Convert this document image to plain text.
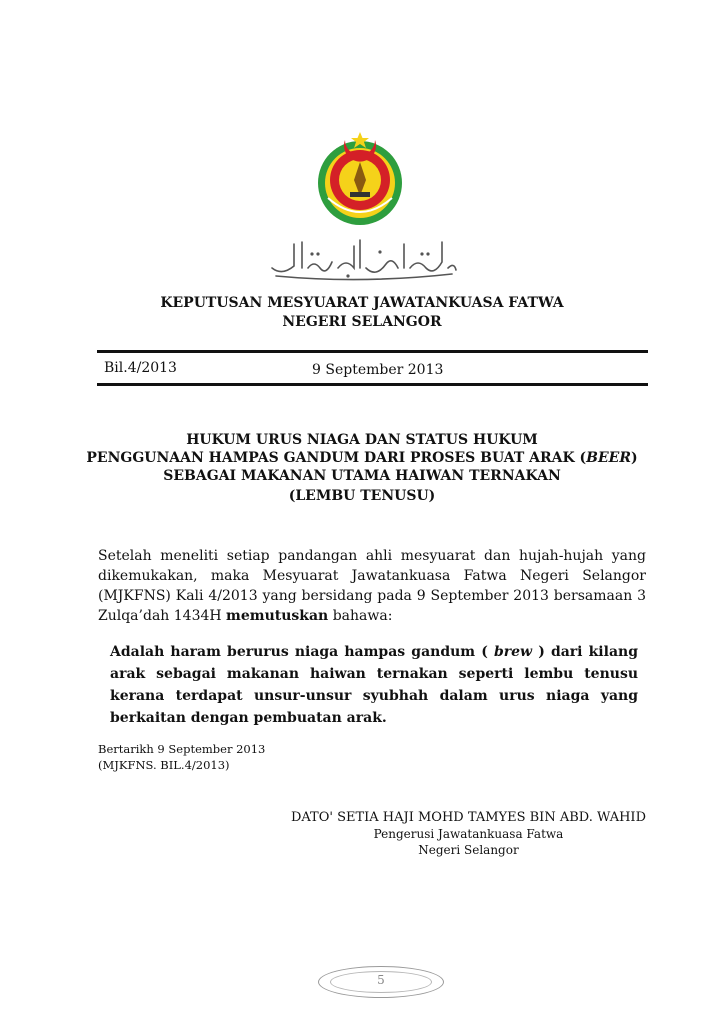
KEPUTUSAN MESYUARAT JAWATANKUASA FATWA
NEGERI SELANGOR
Bil.4/2013	9 September 2013
HUKUM URUS NIAGA DAN STATUS HUKUM
PENGGUNAAN HAMPAS GANDUM DARI PROSES BUAT ARAK (BEER)
SEBAGAI MAKANAN UTAMA HAIWAN TERNAKAN
(LEMBU TENUSU)
Setelah meneliti setiap pandangan ahli mesyuarat dan hujah-hujah yang dikemukakan, maka Mesyuarat Jawatankuasa Fatwa Negeri Selangor (MJKFNS) Kali 4/2013 yang bersidang pada 9 September 2013 bersamaan 3 Zulqa’dah 1434H memutuskan bahawa:
Adalah haram berurus niaga hampas gandum ( brew ) dari kilang arak sebagai makanan haiwan ternakan seperti lembu tenusu kerana terdapat unsur-unsur syubhah dalam urus niaga yang berkaitan dengan pembuatan arak.
Bertarikh 9 September 2013
(MJKFNS. BIL.4/2013)
DATO' SETIA HAJI MOHD TAMYES BIN ABD. WAHID
Pengerusi Jawatankuasa Fatwa
Negeri Selangor
5
